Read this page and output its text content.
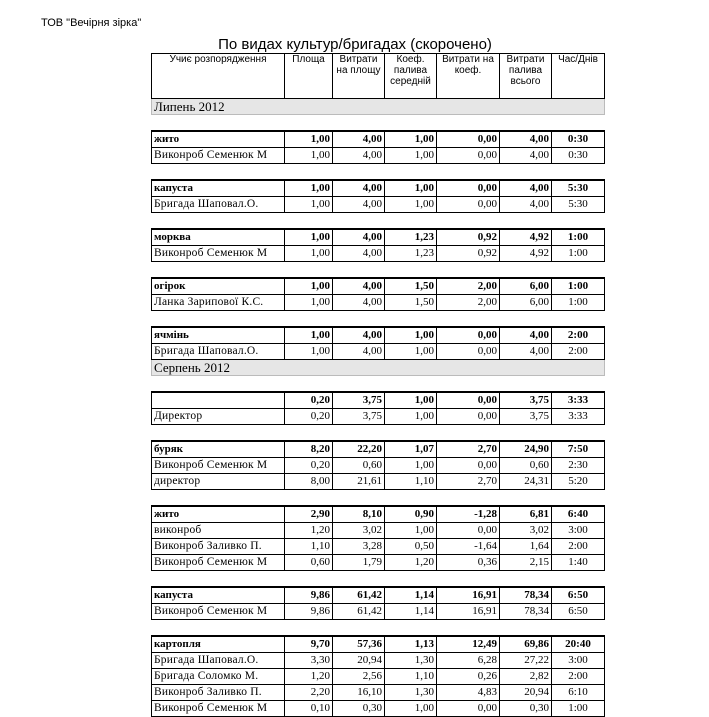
ТОВ "Вечірня зірка"
По видах культур/бригадах (скорочено)
Учиє розпорядження	Площа	Витрати на площу	Коеф. палива середній	Витрати на коеф.	Витрати палива всього	Час/Днів
Липень 2012						

жито	1,00	4,00	1,00	0,00	4,00	0:30
Виконроб Семенюк М	1,00	4,00	1,00	0,00	4,00	0:30

капуста	1,00	4,00	1,00	0,00	4,00	5:30
Бригада Шаповал.О.	1,00	4,00	1,00	0,00	4,00	5:30

морква	1,00	4,00	1,23	0,92	4,92	1:00
Виконроб Семенюк М	1,00	4,00	1,23	0,92	4,92	1:00

огірок	1,00	4,00	1,50	2,00	6,00	1:00
Ланка Зарипової К.С.	1,00	4,00	1,50	2,00	6,00	1:00

ячмінь	1,00	4,00	1,00	0,00	4,00	2:00
Бригада Шаповал.О.	1,00	4,00	1,00	0,00	4,00	2:00
Серпень 2012						

	0,20	3,75	1,00	0,00	3,75	3:33
Директор	0,20	3,75	1,00	0,00	3,75	3:33

буряк	8,20	22,20	1,07	2,70	24,90	7:50
Виконроб Семенюк М	0,20	0,60	1,00	0,00	0,60	2:30
директор	8,00	21,61	1,10	2,70	24,31	5:20

жито	2,90	8,10	0,90	-1,28	6,81	6:40
виконроб	1,20	3,02	1,00	0,00	3,02	3:00
Виконроб Заливко П.	1,10	3,28	0,50	-1,64	1,64	2:00
Виконроб Семенюк М	0,60	1,79	1,20	0,36	2,15	1:40

капуста	9,86	61,42	1,14	16,91	78,34	6:50
Виконроб Семенюк М	9,86	61,42	1,14	16,91	78,34	6:50

картопля	9,70	57,36	1,13	12,49	69,86	20:40
Бригада Шаповал.О.	3,30	20,94	1,30	6,28	27,22	3:00
Бригада Соломко М.	1,20	2,56	1,10	0,26	2,82	2:00
Виконроб Заливко П.	2,20	16,10	1,30	4,83	20,94	6:10
Виконроб Семенюк М	0,10	0,30	1,00	0,00	0,30	1:00
